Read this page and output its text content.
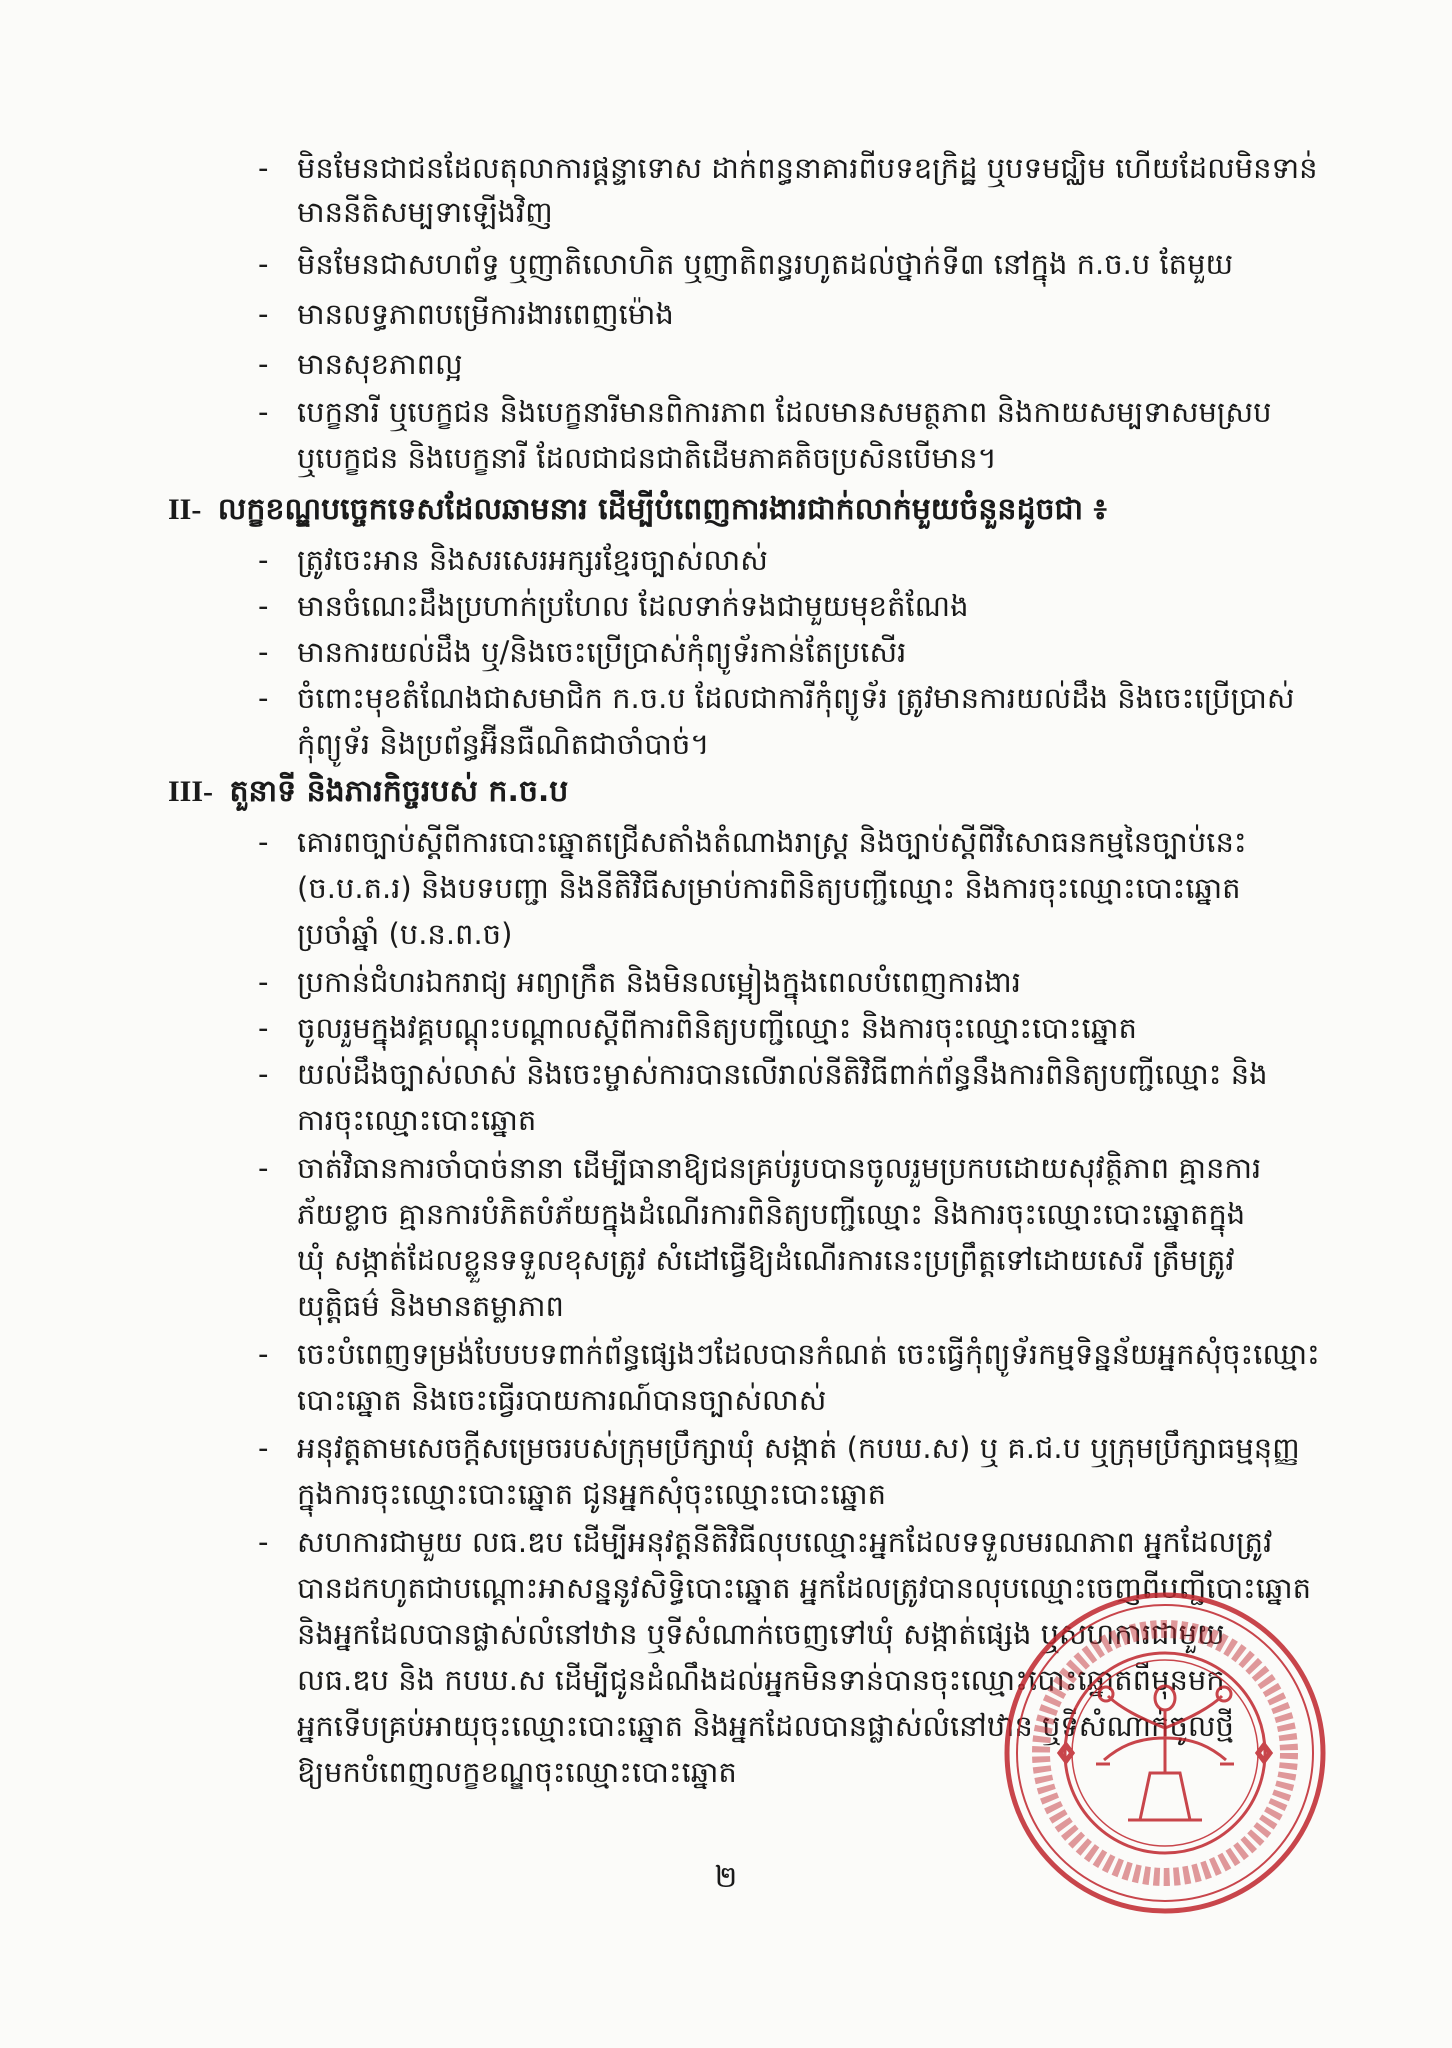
- មិនមែនជាជនដែលតុលាការផ្តន្ទាទោស ដាក់ពន្ធនាគារពីបទឧក្រិដ្ឋ ឬបទមជ្ឈិម ហើយដែលមិនទាន់
មាននីតិសម្បទាឡើងវិញ
- មិនមែនជាសហព័ទ្ធ ឬញាតិលោហិត ឬញាតិពន្ធរហូតដល់ថ្នាក់ទី៣ នៅក្នុង ក.ច.ប តែមួយ
- មានលទ្ធភាពបម្រើការងារពេញម៉ោង
- មានសុខភាពល្អ
- បេក្ខនារី ឬបេក្ខជន និងបេក្ខនារីមានពិការភាព ដែលមានសមត្ថភាព និងកាយសម្បទាសមស្រប
ឬបេក្ខជន និងបេក្ខនារី ដែលជាជនជាតិដើមភាគតិចប្រសិនបើមាន។
II- លក្ខខណ្ឌបច្ចេកទេសដែលឆាមនារ ដើម្បីបំពេញការងារជាក់លាក់មួយចំនួនដូចជា ៖
- ត្រូវចេះអាន និងសរសេរអក្សរខ្មែរច្បាស់លាស់
- មានចំណេះដឹងប្រហាក់ប្រហែល ដែលទាក់ទងជាមួយមុខតំណែង
- មានការយល់ដឹង ឬ/និងចេះប្រើប្រាស់កុំព្យូទ័រកាន់តែប្រសើរ
- ចំពោះមុខតំណែងជាសមាជិក ក.ច.ប ដែលជាការីកុំព្យូទ័រ ត្រូវមានការយល់ដឹង និងចេះប្រើប្រាស់
កុំព្យូទ័រ និងប្រព័ន្ធអ៊ីនធឺណិតជាចាំបាច់។
III- តួនាទី និងភារកិច្ចរបស់ ក.ច.ប
- គោរពច្បាប់ស្តីពីការបោះឆ្នោតជ្រើសតាំងតំណាងរាស្ត្រ និងច្បាប់ស្តីពីវិសោធនកម្មនៃច្បាប់នេះ
(ច.ប.ត.រ) និងបទបញ្ជា និងនីតិវិធីសម្រាប់ការពិនិត្យបញ្ជីឈ្មោះ និងការចុះឈ្មោះបោះឆ្នោត
ប្រចាំឆ្នាំ (ប.ន.ព.ច)
- ប្រកាន់ជំហរឯករាជ្យ អព្យាក្រឹត និងមិនលម្អៀងក្នុងពេលបំពេញការងារ
- ចូលរួមក្នុងវគ្គបណ្តុះបណ្តាលស្តីពីការពិនិត្យបញ្ជីឈ្មោះ និងការចុះឈ្មោះបោះឆ្នោត
- យល់ដឹងច្បាស់លាស់ និងចេះម្ចាស់ការបានលើរាល់នីតិវិធីពាក់ព័ន្ធនឹងការពិនិត្យបញ្ជីឈ្មោះ និង
ការចុះឈ្មោះបោះឆ្នោត
- ចាត់វិធានការចាំបាច់នានា ដើម្បីធានាឱ្យជនគ្រប់រូបបានចូលរួមប្រកបដោយសុវត្ថិភាព គ្មានការ
ភ័យខ្លាច គ្មានការបំភិតបំភ័យក្នុងដំណើរការពិនិត្យបញ្ជីឈ្មោះ និងការចុះឈ្មោះបោះឆ្នោតក្នុង
ឃុំ សង្កាត់ដែលខ្លួនទទួលខុសត្រូវ សំដៅធ្វើឱ្យដំណើរការនេះប្រព្រឹត្តទៅដោយសេរី ត្រឹមត្រូវ
យុត្តិធម៌ និងមានតម្លាភាព
- ចេះបំពេញទម្រង់បែបបទពាក់ព័ន្ធផ្សេងៗដែលបានកំណត់ ចេះធ្វើកុំព្យូទ័រកម្មទិន្នន័យអ្នកសុំចុះឈ្មោះ
បោះឆ្នោត និងចេះធ្វើរបាយការណ៍បានច្បាស់លាស់
- អនុវត្តតាមសេចក្តីសម្រេចរបស់ក្រុមប្រឹក្សាឃុំ សង្កាត់ (កបឃ.ស) ឬ គ.ជ.ប ឬក្រុមប្រឹក្សាធម្មនុញ្ញ
ក្នុងការចុះឈ្មោះបោះឆ្នោត ជូនអ្នកសុំចុះឈ្មោះបោះឆ្នោត
- សហការជាមួយ លធ.ឌប ដើម្បីអនុវត្តនីតិវិធីលុបឈ្មោះអ្នកដែលទទួលមរណភាព អ្នកដែលត្រូវ
បានដកហូតជាបណ្តោះអាសន្ននូវសិទ្ធិបោះឆ្នោត អ្នកដែលត្រូវបានលុបឈ្មោះចេញពីបញ្ជីបោះឆ្នោត
និងអ្នកដែលបានផ្លាស់លំនៅឋាន ឬទីសំណាក់ចេញទៅឃុំ សង្កាត់ផ្សេង ឬសហការជាមួយ
លធ.ឌប និង កបឃ.ស ដើម្បីជូនដំណឹងដល់អ្នកមិនទាន់បានចុះឈ្មោះបោះឆ្នោតពីមុនមក
អ្នកទើបគ្រប់អាយុចុះឈ្មោះបោះឆ្នោត និងអ្នកដែលបានផ្លាស់លំនៅឋាន ឬទីសំណាក់ចូលថ្មី
ឱ្យមកបំពេញលក្ខខណ្ឌចុះឈ្មោះបោះឆ្នោត
២
